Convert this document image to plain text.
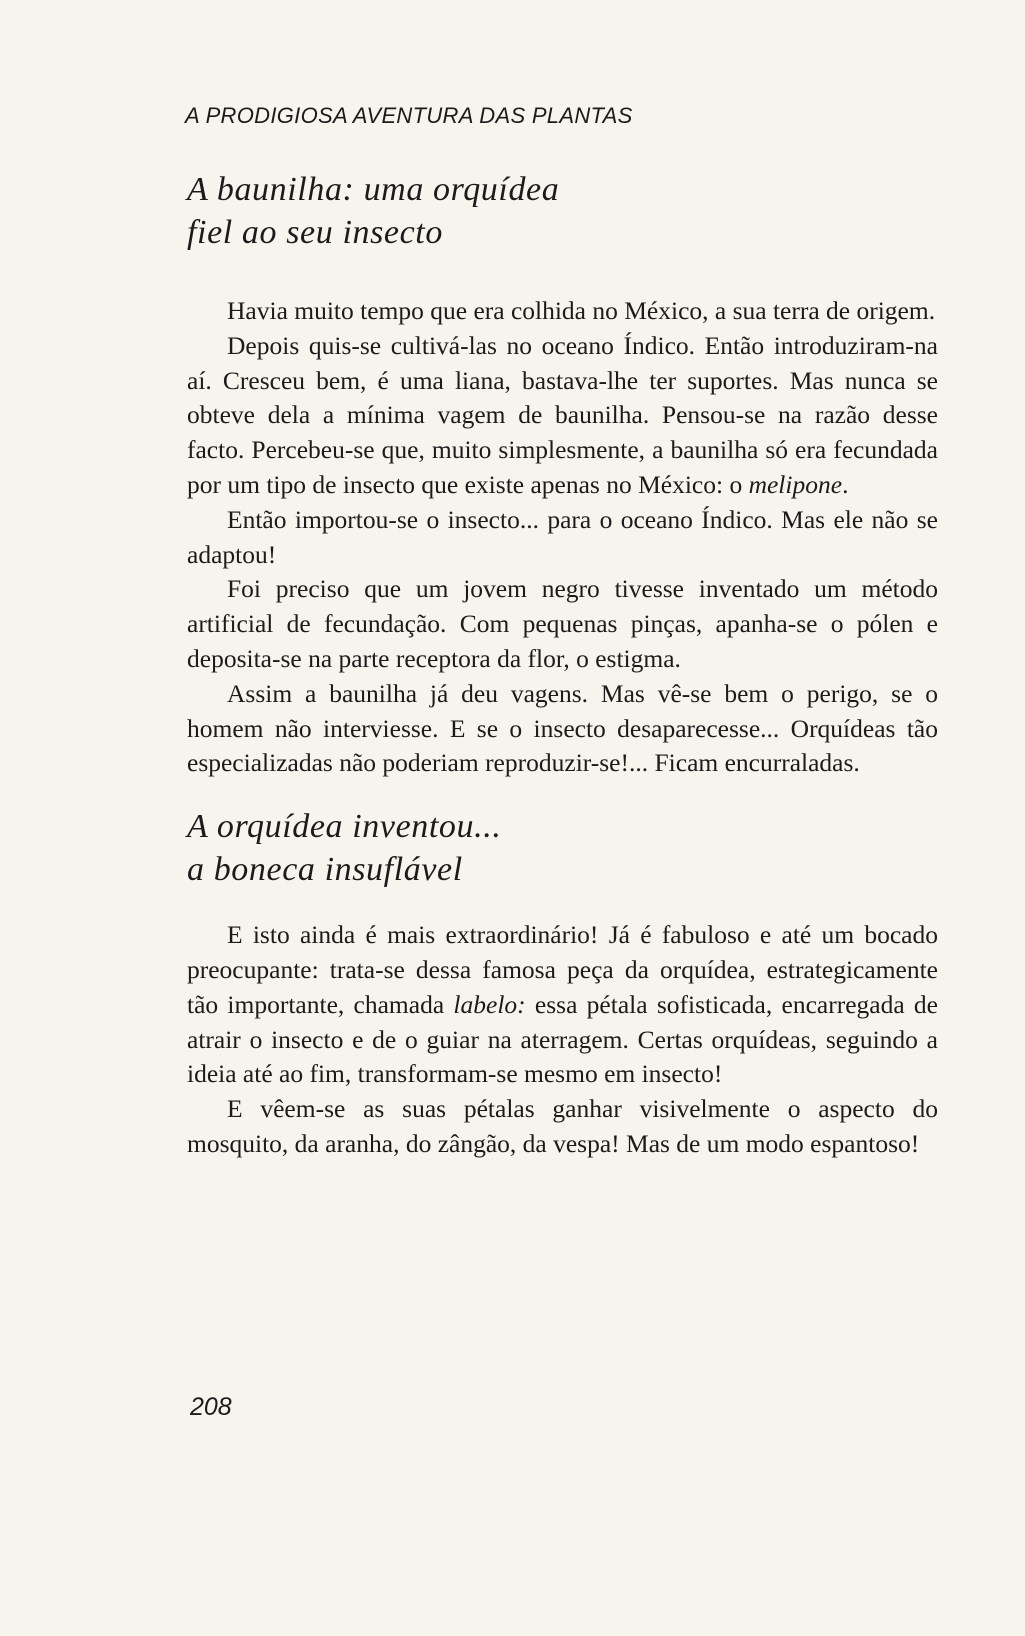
A PRODIGIOSA AVENTURA DAS PLANTAS
A baunilha: uma orquídea
fiel ao seu insecto

Havia muito tempo que era colhida no México, a sua terra de origem.

Depois quis-se cultivá-las no oceano Índico. Então introduziram-na aí. Cresceu bem, é uma liana, bastava-lhe ter suportes. Mas nunca se obteve dela a mínima vagem de baunilha. Pensou-se na razão desse facto. Percebeu-se que, muito simplesmente, a baunilha só era fecundada por um tipo de insecto que existe apenas no México: o melipone.

Então importou-se o insecto... para o oceano Índico. Mas ele não se adaptou!

Foi preciso que um jovem negro tivesse inventado um método artificial de fecundação. Com pequenas pinças, apanha-se o pólen e deposita-se na parte receptora da flor, o estigma.

Assim a baunilha já deu vagens. Mas vê-se bem o perigo, se o homem não interviesse. E se o insecto desaparecesse... Orquídeas tão especializadas não poderiam reproduzir-se!... Ficam encurraladas.

A orquídea inventou...
a boneca insuflável

E isto ainda é mais extraordinário! Já é fabuloso e até um bocado preocupante: trata-se dessa famosa peça da orquídea, estrategicamente tão importante, chamada labelo: essa pétala sofisticada, encarregada de atrair o insecto e de o guiar na aterragem. Certas orquídeas, seguindo a ideia até ao fim, transformam-se mesmo em insecto!

E vêem-se as suas pétalas ganhar visivelmente o aspecto do mosquito, da aranha, do zângão, da vespa! Mas de um modo espantoso!

208
